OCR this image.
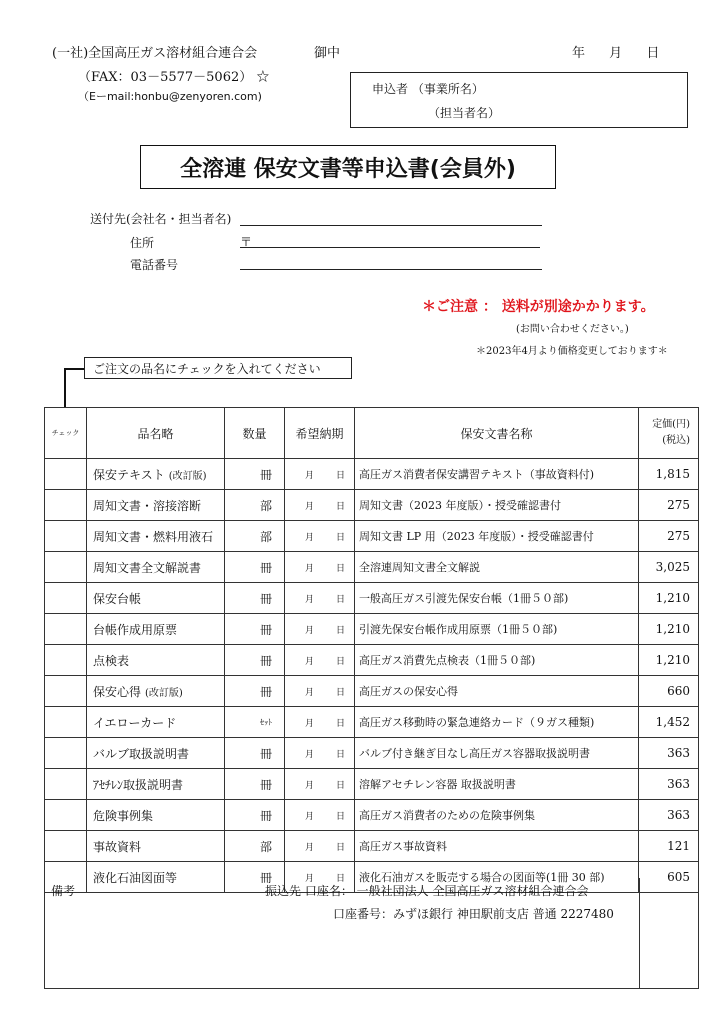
(一社)全国高圧ガス溶材組合連合会	御中	年 月 日
（FAX：03－5577－5062） ☆
（Eーmail:honbu@zenyoren.com)
申込者 （事業所名）
（担当者名）
全溶連 保安文書等申込書(会員外)
送付先(会社名・担当者名)
住所	〒
電話番号
＊ご注意 ： 送料が別途かかります。
(お問い合わせください。)
＊2023年4月より価格変更しております＊
ご注文の品名にチェックを入れてください
チェック	品名略	数量	希望納期	保安文書名称	定価(円)
(税込)

	保安テキスト (改訂版)	冊	月 日	高圧ガス消費者保安講習テキスト（事故資料付)	1,815
	周知文書・溶接溶断	部	月 日	周知文書（2023 年度版）・授受確認書付	275
	周知文書・燃料用液石	部	月 日	周知文書 LP 用（2023 年度版）・授受確認書付	275
	周知文書全文解説書	冊	月 日	全溶連周知文書全文解説	3,025
	保安台帳	冊	月 日	一般高圧ガス引渡先保安台帳（1冊５０部)	1,210
	台帳作成用原票	冊	月 日	引渡先保安台帳作成用原票（1冊５０部)	1,210
	点検表	冊	月 日	高圧ガス消費先点検表（1冊５０部)	1,210
	保安心得 (改訂版)	冊	月 日	高圧ガスの保安心得	660
	イエローカード	ｾｯﾄ	月 日	高圧ガス移動時の緊急連絡カード（９ガス種類)	1,452
	バルブ取扱説明書	冊	月 日	バルブ付き継ぎ目なし高圧ガス容器取扱説明書	363
	ｱｾﾁﾚﾝ取扱説明書	冊	月 日	溶解アセチレン容器 取扱説明書	363
	危険事例集	冊	月 日	高圧ガス消費者のための危険事例集	363
	事故資料	部	月 日	高圧ガス事故資料	121
	液化石油図面等	冊	月 日	液化石油ガスを販売する場合の図面等(1冊 30 部)	605
備考	振込先 口座名： 一般社団法人 全国高圧ガス溶材組合連合会
口座番号：みずほ銀行 神田駅前支店 普通 2227480
